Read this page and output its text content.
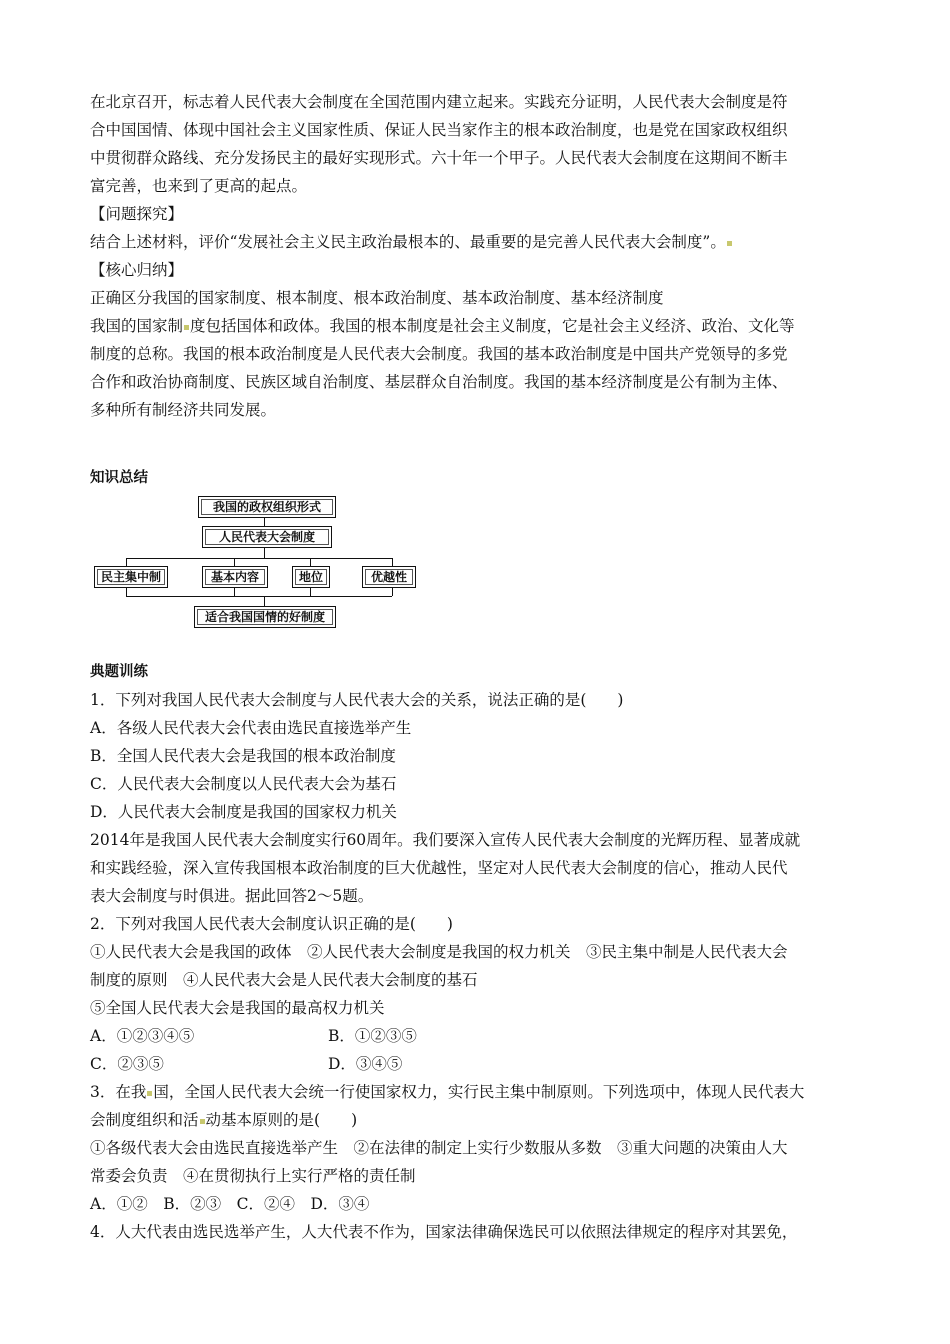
在北京召开，标志着人民代表大会制度在全国范围内建立起来。实践充分证明，人民代表大会制度是符

合中国国情、体现中国社会主义国家性质、保证人民当家作主的根本政治制度，也是党在国家政权组织

中贯彻群众路线、充分发扬民主的最好实现形式。六十年一个甲子。人民代表大会制度在这期间不断丰

富完善，也来到了更高的起点。

【问题探究】

结合上述材料，评价“发展社会主义民主政治最根本的、最重要的是完善人民代表大会制度”。

【核心归纳】

正确区分我国的国家制度、根本制度、根本政治制度、基本政治制度、基本经济制度

我国的国家制 度包括国体和政体。我国的根本制度是社会主义制度，它是社会主义经济、政治、文化等

制度的总称。我国的根本政治制度是人民代表大会制度。我国的基本政治制度是中国共产党领导的多党

合作和政治协商制度、民族区域自治制度、基层群众自治制度。我国的基本经济制度是公有制为主体、

多种所有制经济共同发展。

知识总结

我国的政权组织形式
人民代表大会制度
民主集中制	基本内容	地位	优越性
适合我国国情的好制度

典题训练

1．下列对我国人民代表大会制度与人民代表大会的关系，说法正确的是(　　)

A．各级人民代表大会代表由选民直接选举产生

B．全国人民代表大会是我国的根本政治制度

C．人民代表大会制度以人民代表大会为基石

D．人民代表大会制度是我国的国家权力机关

2014年是我国人民代表大会制度实行60周年。我们要深入宣传人民代表大会制度的光辉历程、显著成就

和实践经验，深入宣传我国根本政治制度的巨大优越性，坚定对人民代表大会制度的信心，推动人民代

表大会制度与时俱进。据此回答2～5题。

2．下列对我国人民代表大会制度认识正确的是(　　)

①人民代表大会是我国的政体　②人民代表大会制度是我国的权力机关　③民主集中制是人民代表大会

制度的原则　④人民代表大会是人民代表大会制度的基石

⑤全国人民代表大会是我国的最高权力机关

A．①②③④⑤	B．①②③⑤

C．②③⑤	D．③④⑤

3．在我 国，全国人民代表大会统一行使国家权力，实行民主集中制原则。下列选项中，体现人民代表大

会制度组织和活 动基本原则的是(　　)

①各级代表大会由选民直接选举产生　②在法律的制定上实行少数服从多数　③重大问题的决策由人大

常委会负责　④在贯彻执行上实行严格的责任制

A．①②　B．②③　C．②④　D．③④

4．人大代表由选民选举产生，人大代表不作为，国家法律确保选民可以依照法律规定的程序对其罢免，
